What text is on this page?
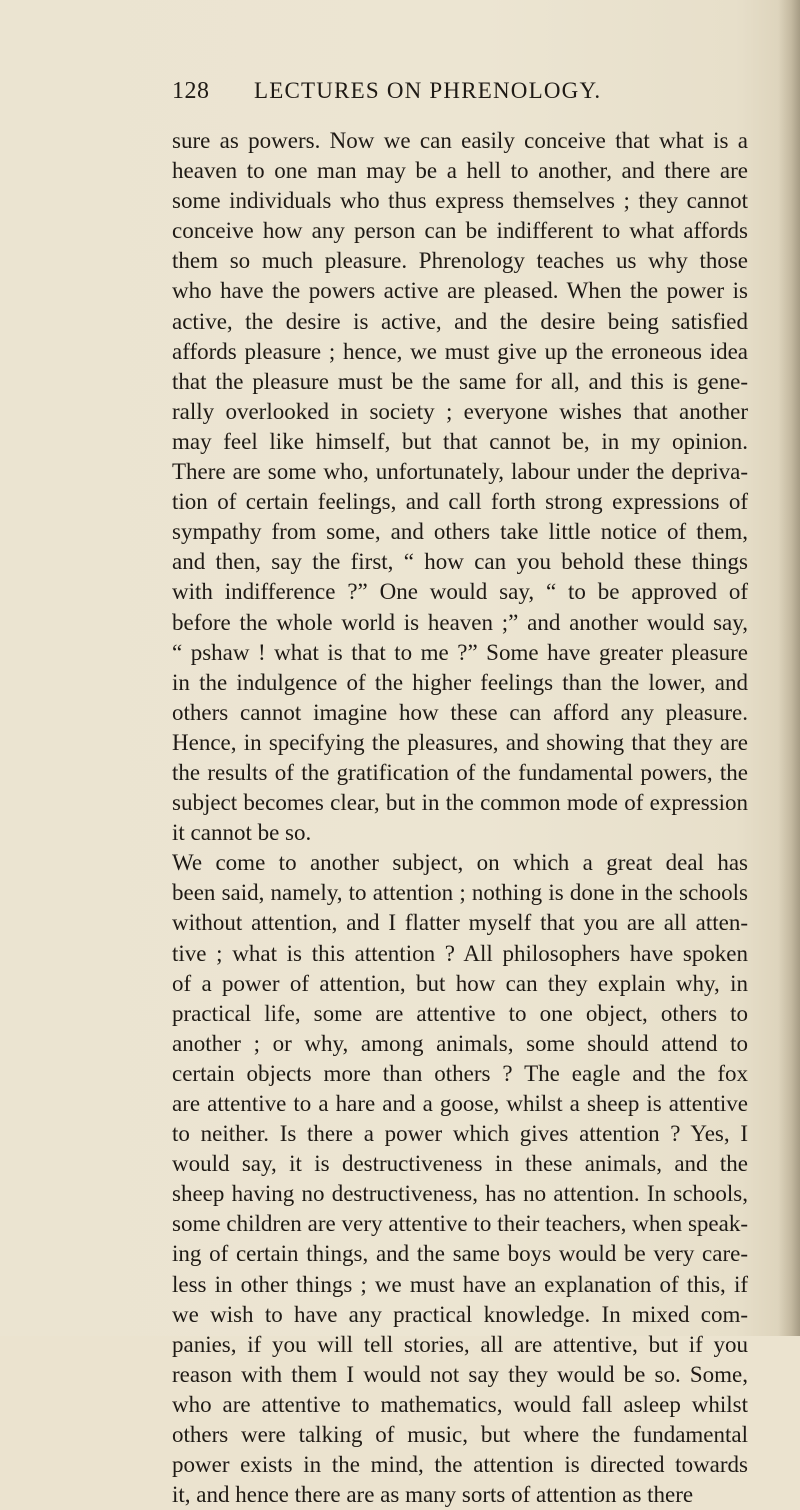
128 LECTURES ON PHRENOLOGY.
sure as powers. Now we can easily conceive that what is a
heaven to one man may be a hell to another, and there are
some individuals who thus express themselves ; they cannot
conceive how any person can be indifferent to what affords
them so much pleasure. Phrenology teaches us why those
who have the powers active are pleased. When the power is
active, the desire is active, and the desire being satisfied
affords pleasure ; hence, we must give up the erroneous idea
that the pleasure must be the same for all, and this is gene-
rally overlooked in society ; everyone wishes that another
may feel like himself, but that cannot be, in my opinion.
There are some who, unfortunately, labour under the depriva-
tion of certain feelings, and call forth strong expressions of
sympathy from some, and others take little notice of them,
and then, say the first, “ how can you behold these things
with indifference ?” One would say, “ to be approved of
before the whole world is heaven ;” and another would say,
“ pshaw ! what is that to me ?” Some have greater pleasure
in the indulgence of the higher feelings than the lower, and
others cannot imagine how these can afford any pleasure.
Hence, in specifying the pleasures, and showing that they are
the results of the gratification of the fundamental powers, the
subject becomes clear, but in the common mode of expression
it cannot be so.
We come to another subject, on which a great deal has
been said, namely, to attention ; nothing is done in the schools
without attention, and I flatter myself that you are all atten-
tive ; what is this attention ? All philosophers have spoken
of a power of attention, but how can they explain why, in
practical life, some are attentive to one object, others to
another ; or why, among animals, some should attend to
certain objects more than others ? The eagle and the fox
are attentive to a hare and a goose, whilst a sheep is attentive
to neither. Is there a power which gives attention ? Yes, I
would say, it is destructiveness in these animals, and the
sheep having no destructiveness, has no attention. In schools,
some children are very attentive to their teachers, when speak-
ing of certain things, and the same boys would be very care-
less in other things ; we must have an explanation of this, if
we wish to have any practical knowledge. In mixed com-
panies, if you will tell stories, all are attentive, but if you
reason with them I would not say they would be so. Some,
who are attentive to mathematics, would fall asleep whilst
others were talking of music, but where the fundamental
power exists in the mind, the attention is directed towards
it, and hence there are as many sorts of attention as there
